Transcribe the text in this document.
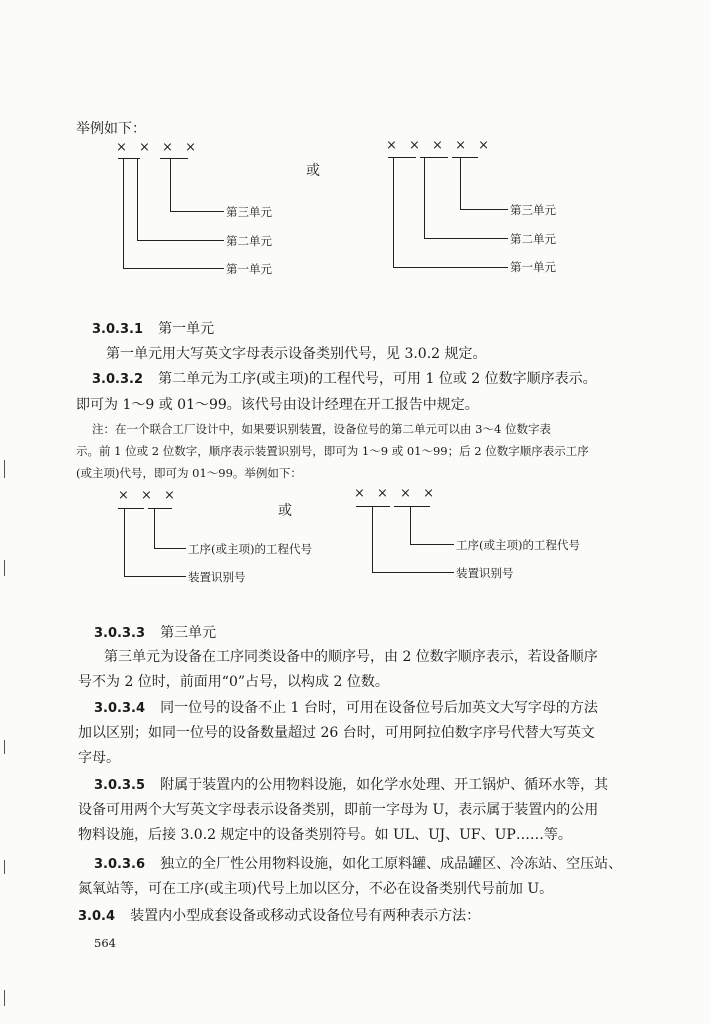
举例如下：
× × × ×
或
× × × × ×
第三单元
第二单元
第一单元
第三单元
第二单元
第一单元
3.0.3.1 第一单元
第一单元用大写英文字母表示设备类别代号，见 3.0.2 规定。
3.0.3.2 第二单元为工序(或主项)的工程代号，可用 1 位或 2 位数字顺序表示。
即可为 1～9 或 01～99。该代号由设计经理在开工报告中规定。
注：在一个联合工厂设计中，如果要识别装置，设备位号的第二单元可以由 3～4 位数字表
示。前 1 位或 2 位数字，顺序表示装置识别号，即可为 1～9 或 01～99；后 2 位数字顺序表示工序
(或主项)代号，即可为 01～99。举例如下：
× × ×
或
× × × ×
工序(或主项)的工程代号
装置识别号
工序(或主项)的工程代号
装置识别号
3.0.3.3 第三单元
第三单元为设备在工序同类设备中的顺序号，由 2 位数字顺序表示，若设备顺序
号不为 2 位时，前面用“0”占号，以构成 2 位数。
3.0.3.4 同一位号的设备不止 1 台时，可用在设备位号后加英文大写字母的方法
加以区别；如同一位号的设备数量超过 26 台时，可用阿拉伯数字序号代替大写英文
字母。
3.0.3.5 附属于装置内的公用物料设施，如化学水处理、开工锅炉、循环水等，其
设备可用两个大写英文字母表示设备类别，即前一字母为 U，表示属于装置内的公用
物料设施，后接 3.0.2 规定中的设备类别符号。如 UL、UJ、UF、UP……等。
3.0.3.6 独立的全厂性公用物料设施，如化工原料罐、成品罐区、冷冻站、空压站、
氮氧站等，可在工序(或主项)代号上加以区分，不必在设备类别代号前加 U。
3.0.4 装置内小型成套设备或移动式设备位号有两种表示方法：
564
